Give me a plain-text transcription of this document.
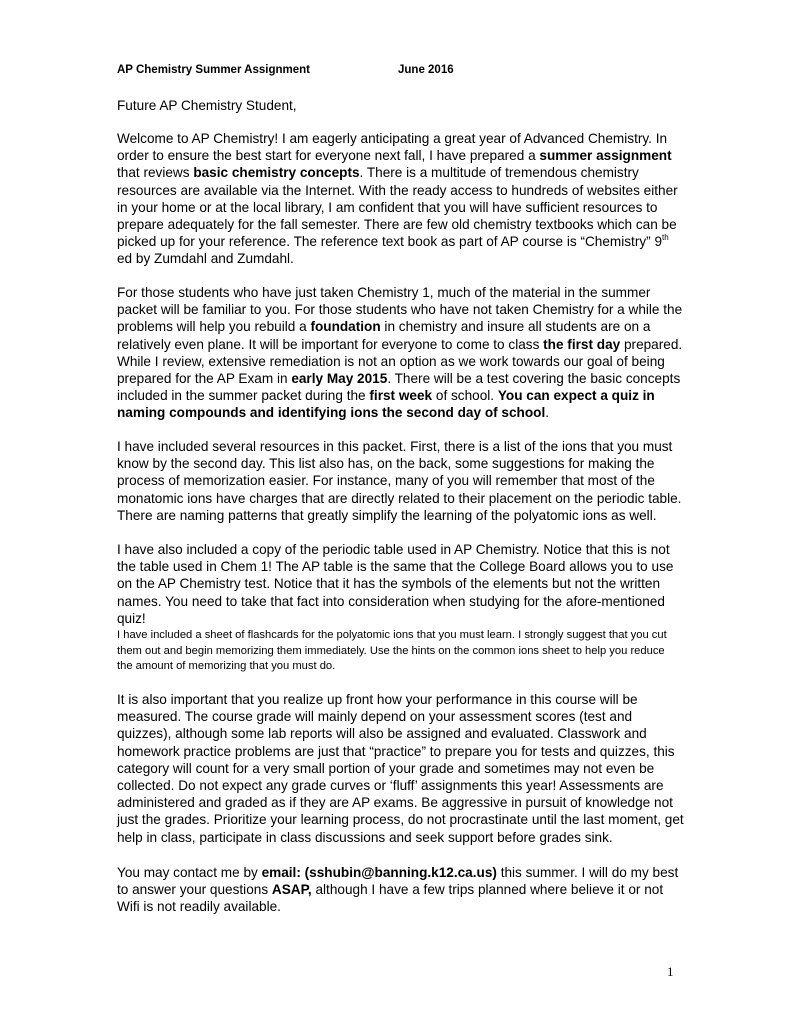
AP Chemistry Summer Assignment	June 2016

Future AP Chemistry Student,

Welcome to AP Chemistry! I am eagerly anticipating a great year of Advanced Chemistry. In order to ensure the best start for everyone next fall, I have prepared a summer assignment that reviews basic chemistry concepts. There is a multitude of tremendous chemistry resources are available via the Internet. With the ready access to hundreds of websites either in your home or at the local library, I am confident that you will have sufficient resources to prepare adequately for the fall semester. There are few old chemistry textbooks which can be picked up for your reference. The reference text book as part of AP course is “Chemistry” 9th ed by Zumdahl and Zumdahl.

For those students who have just taken Chemistry 1, much of the material in the summer packet will be familiar to you. For those students who have not taken Chemistry for a while the problems will help you rebuild a foundation in chemistry and insure all students are on a relatively even plane. It will be important for everyone to come to class the first day prepared. While I review, extensive remediation is not an option as we work towards our goal of being prepared for the AP Exam in early May 2015. There will be a test covering the basic concepts included in the summer packet during the first week of school. You can expect a quiz in naming compounds and identifying ions the second day of school.

I have included several resources in this packet. First, there is a list of the ions that you must know by the second day. This list also has, on the back, some suggestions for making the process of memorization easier. For instance, many of you will remember that most of the monatomic ions have charges that are directly related to their placement on the periodic table. There are naming patterns that greatly simplify the learning of the polyatomic ions as well.

I have also included a copy of the periodic table used in AP Chemistry. Notice that this is not the table used in Chem 1! The AP table is the same that the College Board allows you to use on the AP Chemistry test. Notice that it has the symbols of the elements but not the written names. You need to take that fact into consideration when studying for the afore-mentioned quiz!

I have included a sheet of flashcards for the polyatomic ions that you must learn. I strongly suggest that you cut them out and begin memorizing them immediately. Use the hints on the common ions sheet to help you reduce the amount of memorizing that you must do.

It is also important that you realize up front how your performance in this course will be measured. The course grade will mainly depend on your assessment scores (test and quizzes), although some lab reports will also be assigned and evaluated. Classwork and homework practice problems are just that “practice” to prepare you for tests and quizzes, this category will count for a very small portion of your grade and sometimes may not even be collected. Do not expect any grade curves or ‘fluff’ assignments this year! Assessments are administered and graded as if they are AP exams. Be aggressive in pursuit of knowledge not just the grades. Prioritize your learning process, do not procrastinate until the last moment, get help in class, participate in class discussions and seek support before grades sink.

You may contact me by email: (sshubin@banning.k12.ca.us) this summer. I will do my best to answer your questions ASAP, although I have a few trips planned where believe it or not Wifi is not readily available.

1
